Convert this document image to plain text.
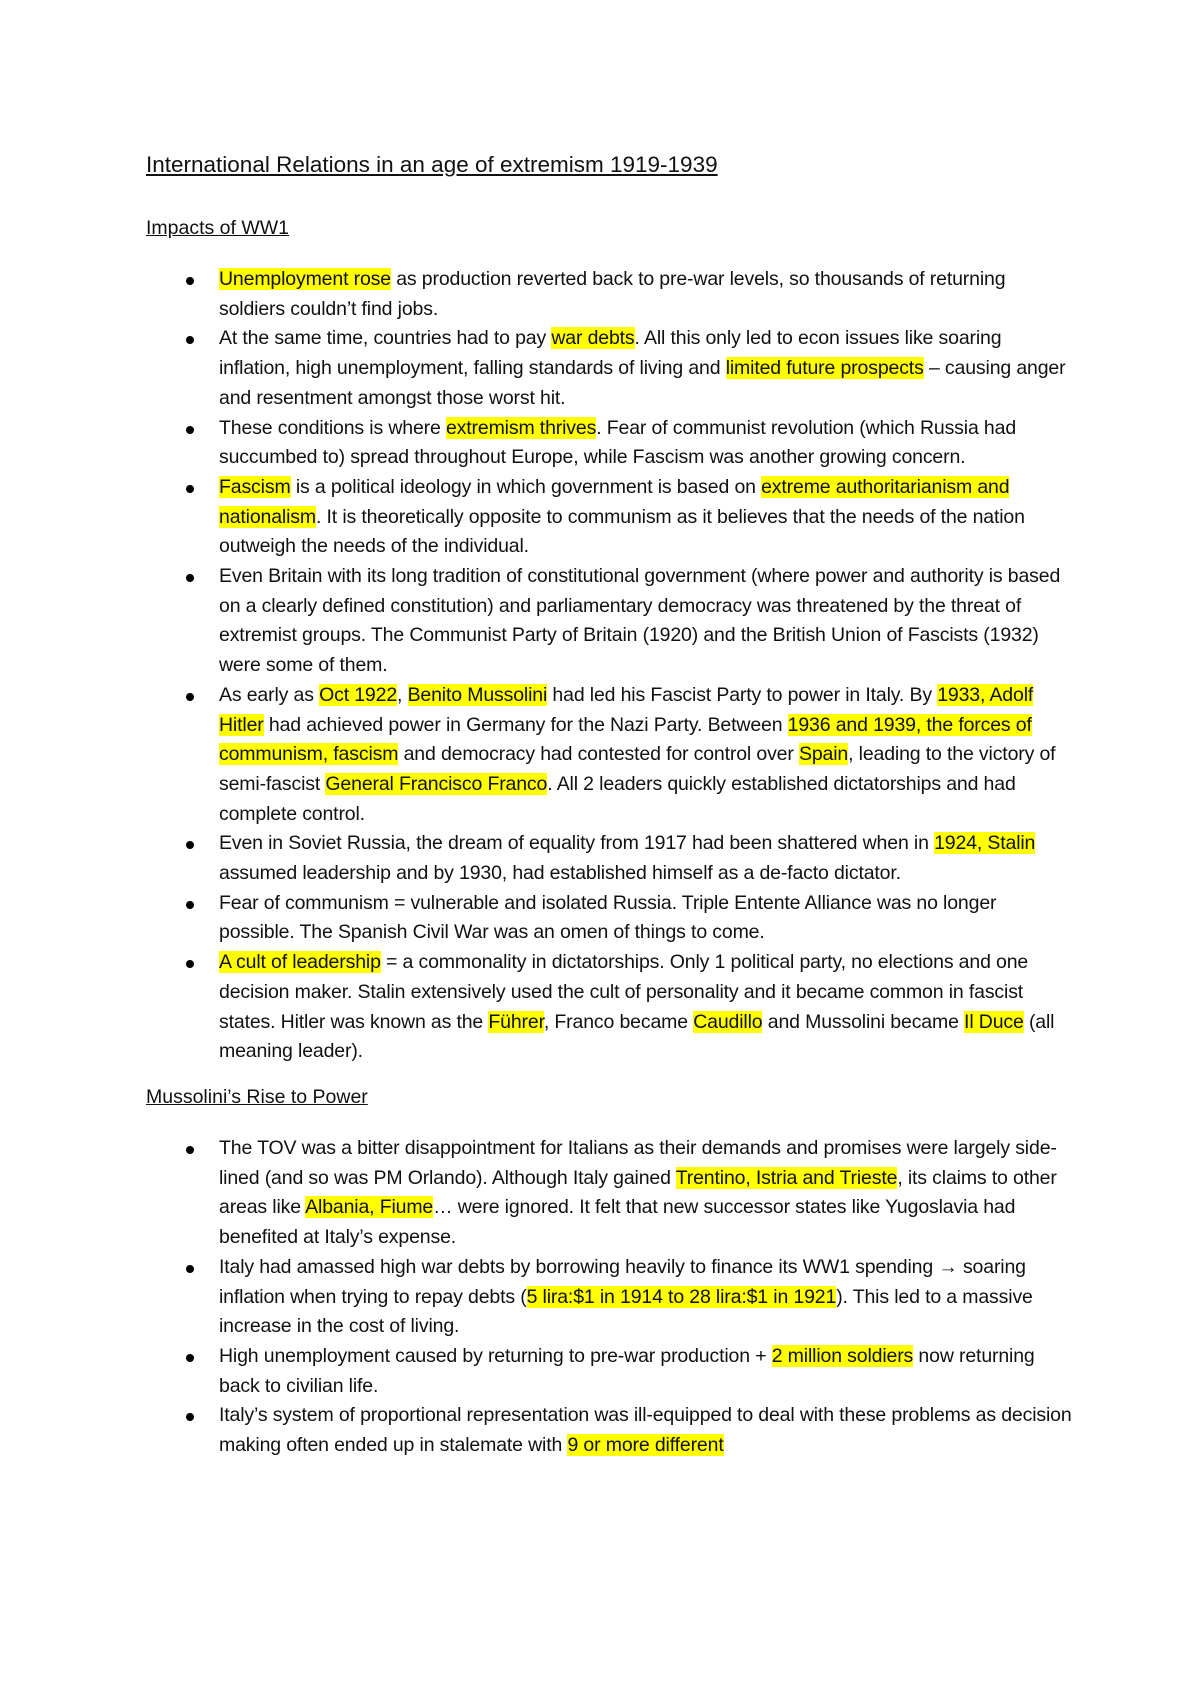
International Relations in an age of extremism 1919-1939
Impacts of WW1
Unemployment rose as production reverted back to pre-war levels, so thousands of returning soldiers couldn’t find jobs.
At the same time, countries had to pay war debts. All this only led to econ issues like soaring inflation, high unemployment, falling standards of living and limited future prospects – causing anger and resentment amongst those worst hit.
These conditions is where extremism thrives. Fear of communist revolution (which Russia had succumbed to) spread throughout Europe, while Fascism was another growing concern.
Fascism is a political ideology in which government is based on extreme authoritarianism and nationalism. It is theoretically opposite to communism as it believes that the needs of the nation outweigh the needs of the individual.
Even Britain with its long tradition of constitutional government (where power and authority is based on a clearly defined constitution) and parliamentary democracy was threatened by the threat of extremist groups. The Communist Party of Britain (1920) and the British Union of Fascists (1932) were some of them.
As early as Oct 1922, Benito Mussolini had led his Fascist Party to power in Italy. By 1933, Adolf Hitler had achieved power in Germany for the Nazi Party. Between 1936 and 1939, the forces of communism, fascism and democracy had contested for control over Spain, leading to the victory of semi-fascist General Francisco Franco. All 2 leaders quickly established dictatorships and had complete control.
Even in Soviet Russia, the dream of equality from 1917 had been shattered when in 1924, Stalin assumed leadership and by 1930, had established himself as a de-facto dictator.
Fear of communism = vulnerable and isolated Russia. Triple Entente Alliance was no longer possible. The Spanish Civil War was an omen of things to come.
A cult of leadership = a commonality in dictatorships. Only 1 political party, no elections and one decision maker. Stalin extensively used the cult of personality and it became common in fascist states. Hitler was known as the Führer, Franco became Caudillo and Mussolini became Il Duce (all meaning leader).
Mussolini’s Rise to Power
The TOV was a bitter disappointment for Italians as their demands and promises were largely side-lined (and so was PM Orlando). Although Italy gained Trentino, Istria and Trieste, its claims to other areas like Albania, Fiume… were ignored. It felt that new successor states like Yugoslavia had benefited at Italy’s expense.
Italy had amassed high war debts by borrowing heavily to finance its WW1 spending → soaring inflation when trying to repay debts (5 lira:$1 in 1914 to 28 lira:$1 in 1921). This led to a massive increase in the cost of living.
High unemployment caused by returning to pre-war production + 2 million soldiers now returning back to civilian life.
Italy’s system of proportional representation was ill-equipped to deal with these problems as decision making often ended up in stalemate with 9 or more different
